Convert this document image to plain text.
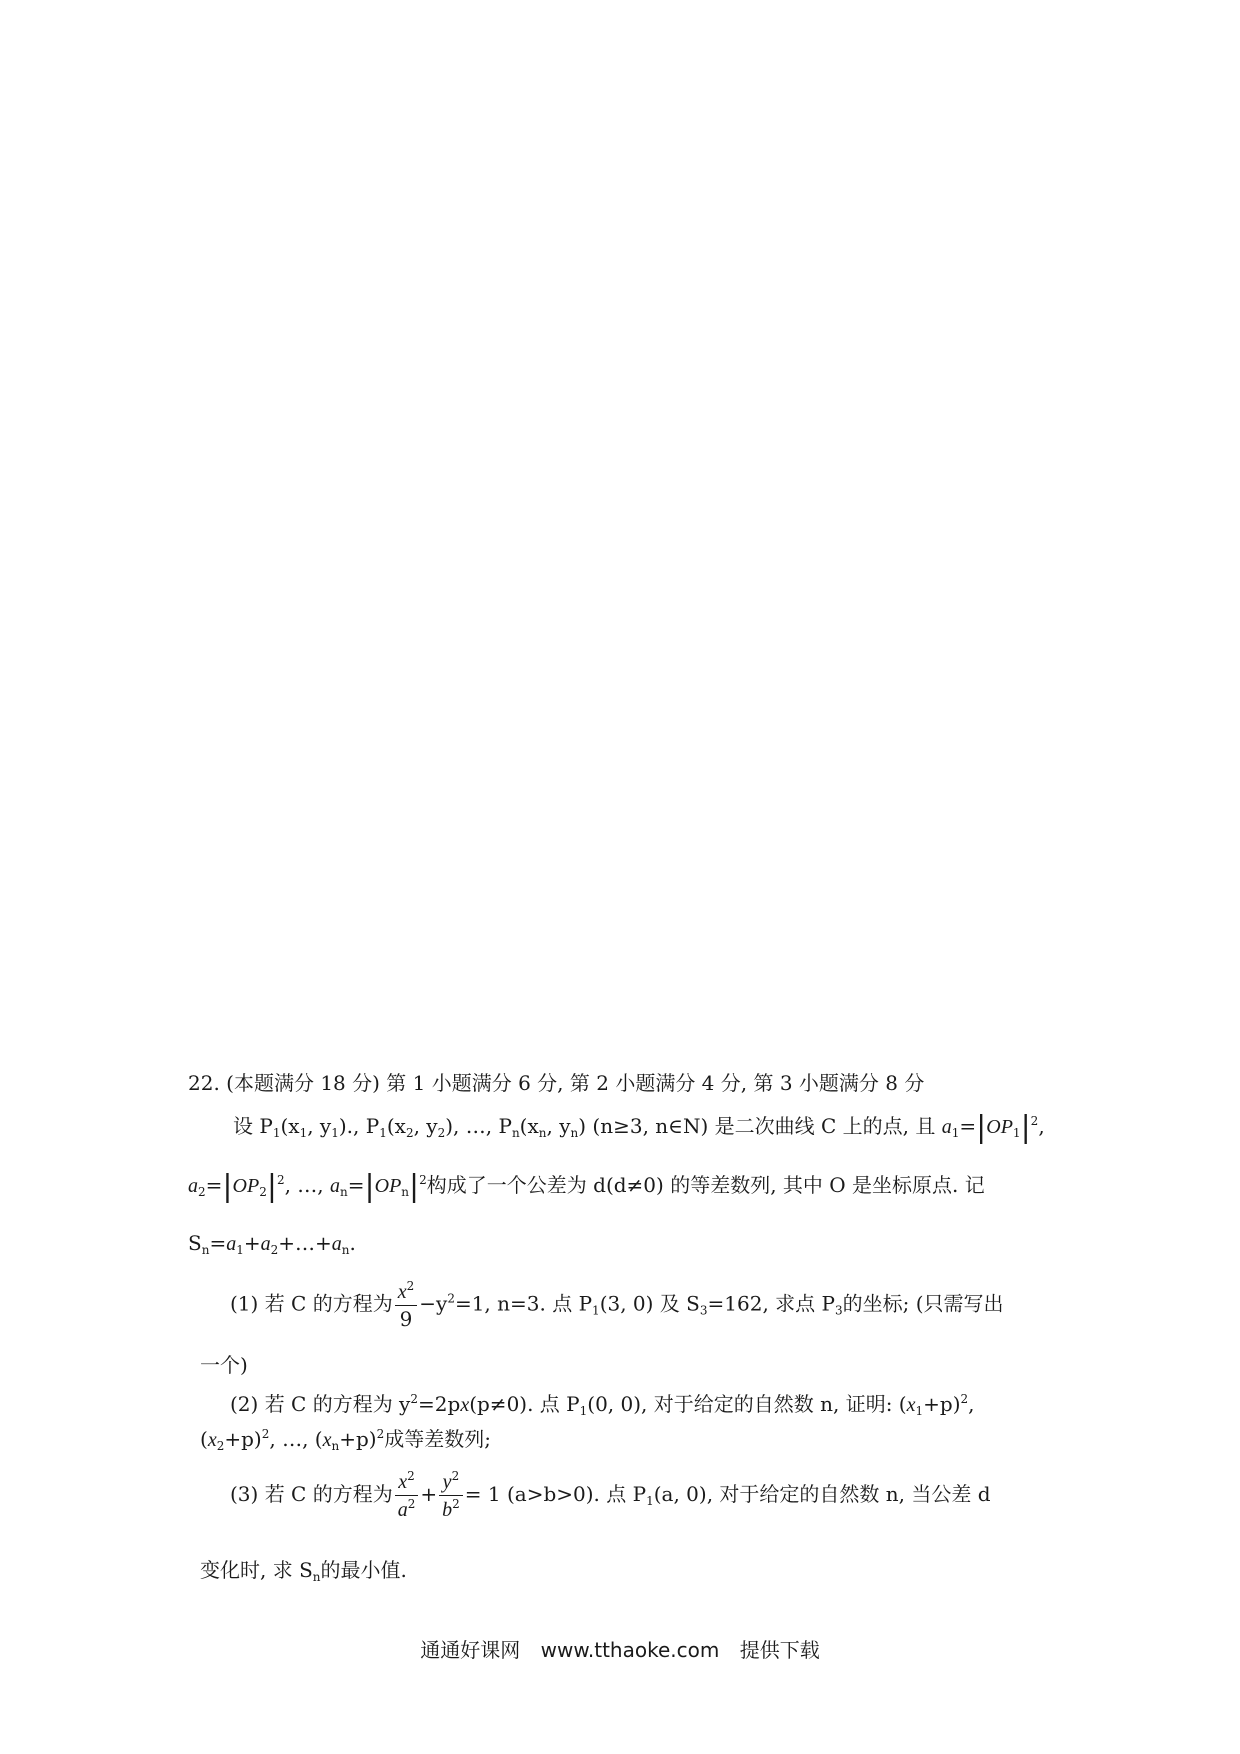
22. (本题满分 18 分) 第 1 小题满分 6 分, 第 2 小题满分 4 分, 第 3 小题满分 8 分
设 $P_1(x_1$, $y_1$)., $P_1(x_2$, $y_2$), …, $P_n(x_n$, $y_n$) (n≥3, n∈N) 是二次曲线 C 上的点, 且 $a_1=|OP_1|^2$,
$a_2=|OP_2|^2$, …, $a_n=|OP_n|^2$构成了一个公差为 d(d≠0) 的等差数列, 其中 O 是坐标原点. 记
$S_n=a_1+a_2+\dots+a_n$.
(1) 若 C 的方程为 $\frac{x^2}{9} -y^2=1$, n=3. 点 $P_1(3$, 0) 及 $S_3=162$, 求点 $P_3$的坐标; (只需写出
一个)
(2) 若 C 的方程为 $y^2=2px(p\ne 0)$. 点 $P_1(0$, 0), 对于给定的自然数 n, 证明: $(x_1+p)^2$,
$(x_2+p)^2$, …, $(x_n+p)^2$成等差数列;
(3) 若 C 的方程为 $\frac{x^2}{a^2} + \frac{y^2}{b^2} = 1$ (a>b>0). 点 $P_1(a$, 0), 对于给定的自然数 n, 当公差 d
变化时, 求 $S_n$的最小值.
通通好课网 www.tthaoke.com 提供下载
